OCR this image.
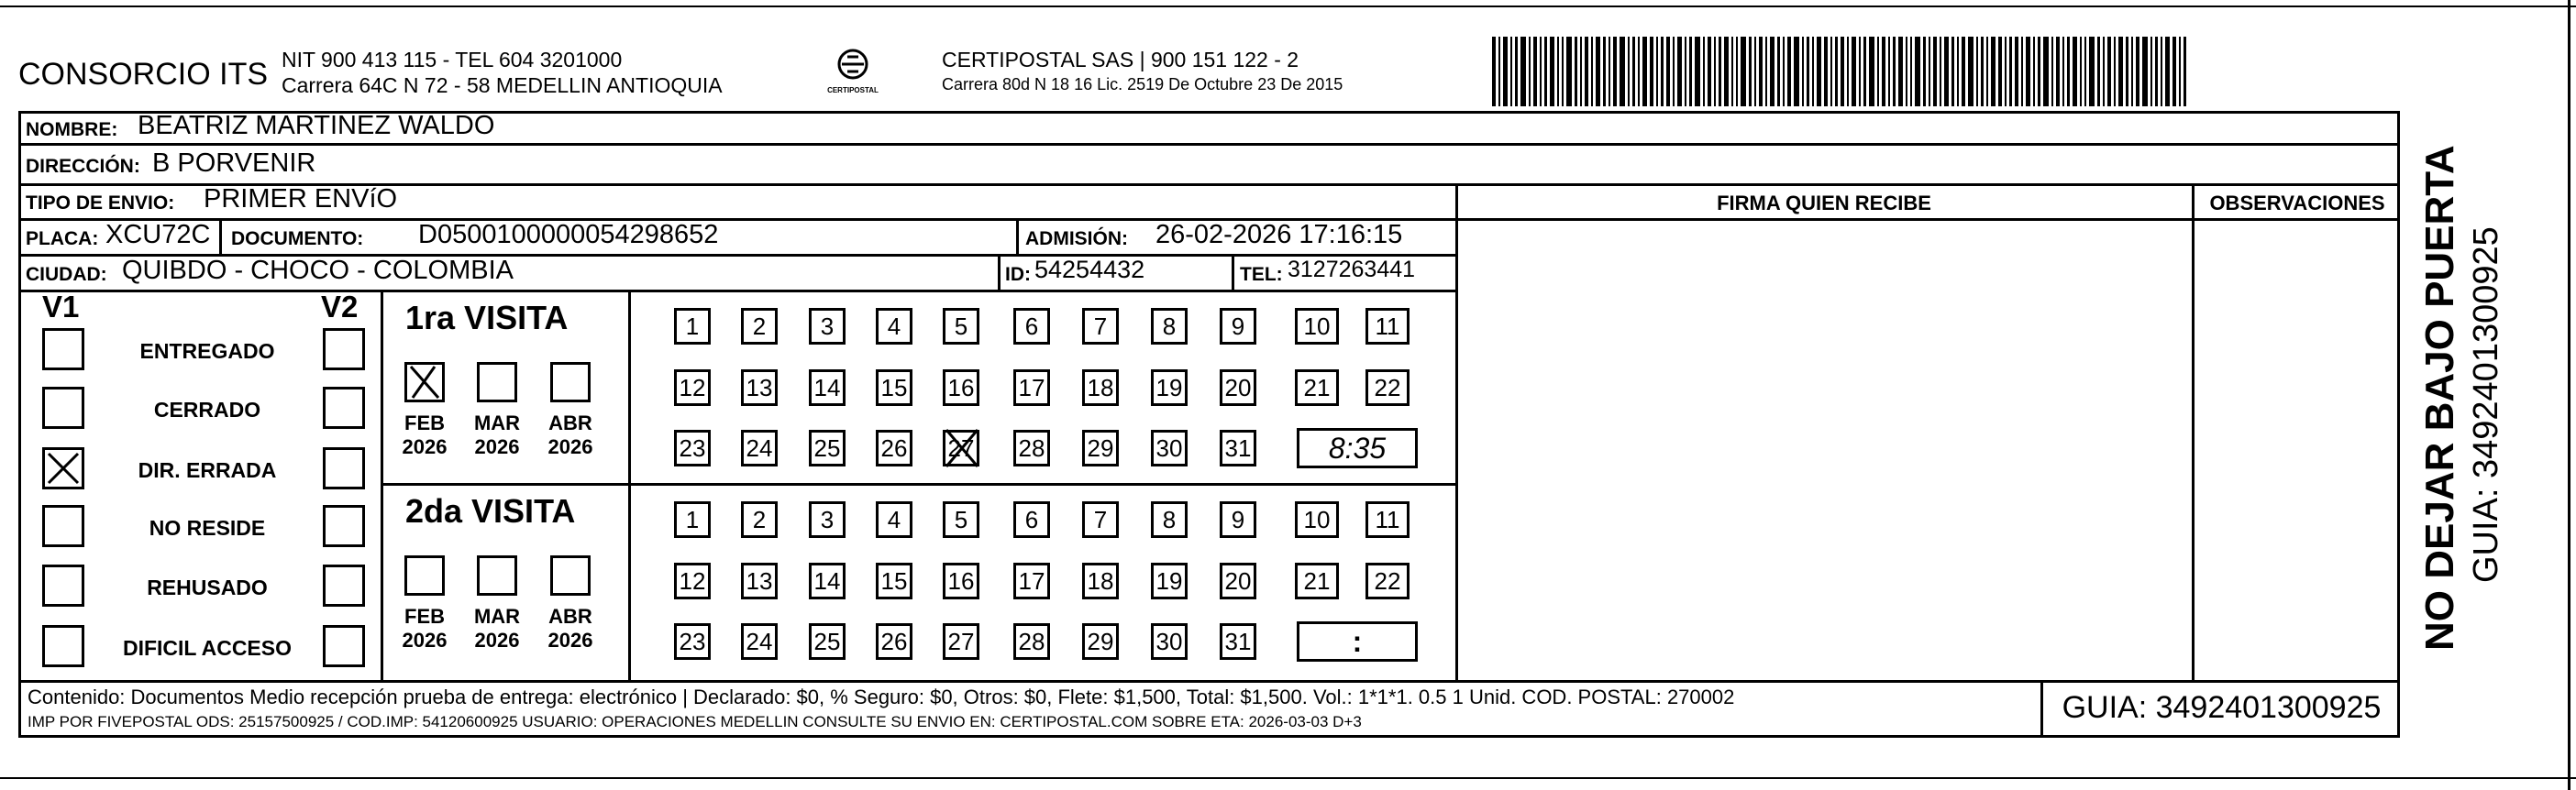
CONSORCIO ITS NIT 900 413 115 - TEL 604 3201000
Carrera 64C N 72 - 58 MEDELLIN ANTIOQUIA	CERTIPOSTAL
CERTIPOSTAL SAS | 900 151 122 - 2
Carrera 80d N 18 16 Lic. 2519 De Octubre 23 De 2015
NOMBRE: BEATRIZ MARTINEZ WALDO
DIRECCIÓN: B PORVENIR
TIPO DE ENVIO: PRIMER ENVíO
PLACA: XCU72C DOCUMENTO: D0500100000054298652	ADMISIÓN: 26-02-2026 17:16:15
CIUDAD: QUIBDO - CHOCO - COLOMBIA	ID: 54254432	TEL: 3127263441
FIRMA QUIEN RECIBE	OBSERVACIONES
V1	V2
ENTREGADO
CERRADO
DIR. ERRADA
NO RESIDE
REHUSADO
DIFICIL ACCESO
1ra VISITA
FEB
2026
MAR
2026
ABR
2026
1	2	3	4	5	6	7	8	9	10	11
12 13 14 15 16 17 18 19 20	21	22
23 24 25 26 27 28 29 30 31	8:35
2da VISITA
FEB
2026
MAR
2026
ABR
2026
1	2	3	4	5	6	7	8	9	10	11
12 13 14 15 16 17 18 19 20	21	22
23 24 25 26 27 28 29 30 31	:
Contenido: Documentos Medio recepción prueba de entrega: electrónico | Declarado: $0, % Seguro: $0, Otros: $0, Flete: $1,500, Total: $1,500. Vol.: 1*1*1. 0.5 1 Unid. COD. POSTAL: 270002
IMP POR FIVEPOSTAL ODS: 25157500925 / COD.IMP: 54120600925 USUARIO: OPERACIONES MEDELLIN CONSULTE SU ENVIO EN: CERTIPOSTAL.COM SOBRE ETA: 2026-03-03 D+3	GUIA: 3492401300925
NO DEJAR BAJO PUERTA GUIA: 3492401300925
